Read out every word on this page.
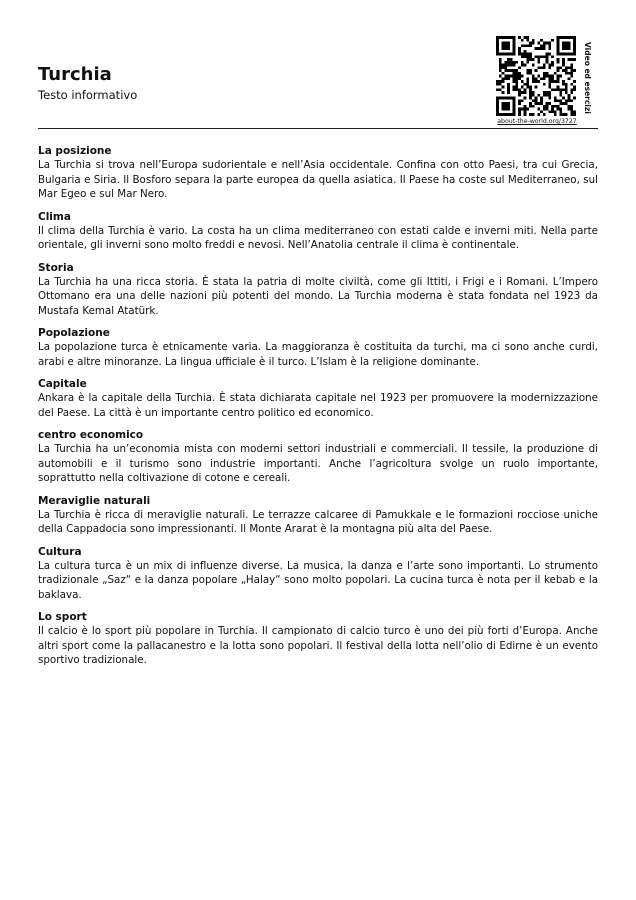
Turchia
Testo informativo
about-the-world.org/3727
Video ed esercizi
La posizione

La Turchia si trova nell’Europa sudorientale e nell’Asia occidentale. Confina con otto Paesi, tra cui Grecia, Bulgaria e Siria. Il Bosforo separa la parte europea da quella asiatica. Il Paese ha coste sul Mediterraneo, sul Mar Egeo e sul Mar Nero.

Clima

Il clima della Turchia è vario. La costa ha un clima mediterraneo con estati calde e inverni miti. Nella parte orientale, gli inverni sono molto freddi e nevosi. Nell’Anatolia centrale il clima è continentale.

Storia

La Turchia ha una ricca storia. È stata la patria di molte civiltà, come gli Ittiti, i Frigi e i Romani. L’Impero Ottomano era una delle nazioni più potenti del mondo. La Turchia moderna è stata fondata nel 1923 da Mustafa Kemal Atatürk.

Popolazione

La popolazione turca è etnicamente varia. La maggioranza è costituita da turchi, ma ci sono anche curdi, arabi e altre minoranze. La lingua ufficiale è il turco. L’Islam è la religione dominante.

Capitale

Ankara è la capitale della Turchia. È stata dichiarata capitale nel 1923 per promuovere la modernizzazione del Paese. La città è un importante centro politico ed economico.

centro economico

La Turchia ha un’economia mista con moderni settori industriali e commerciali. Il tessile, la produzione di automobili e il turismo sono industrie importanti. Anche l’agricoltura svolge un ruolo importante, soprattutto nella coltivazione di cotone e cereali.

Meraviglie naturali

La Turchia è ricca di meraviglie naturali. Le terrazze calcaree di Pamukkale e le formazioni rocciose uniche della Cappadocia sono impressionanti. Il Monte Ararat è la montagna più alta del Paese.

Cultura

La cultura turca è un mix di influenze diverse. La musica, la danza e l’arte sono importanti. Lo strumento tradizionale „Saz“ e la danza popolare „Halay“ sono molto popolari. La cucina turca è nota per il kebab e la baklava.

Lo sport

Il calcio è lo sport più popolare in Turchia. Il campionato di calcio turco è uno dei più forti d’Europa. Anche altri sport come la pallacanestro e la lotta sono popolari. Il festival della lotta nell’olio di Edirne è un evento sportivo tradizionale.
